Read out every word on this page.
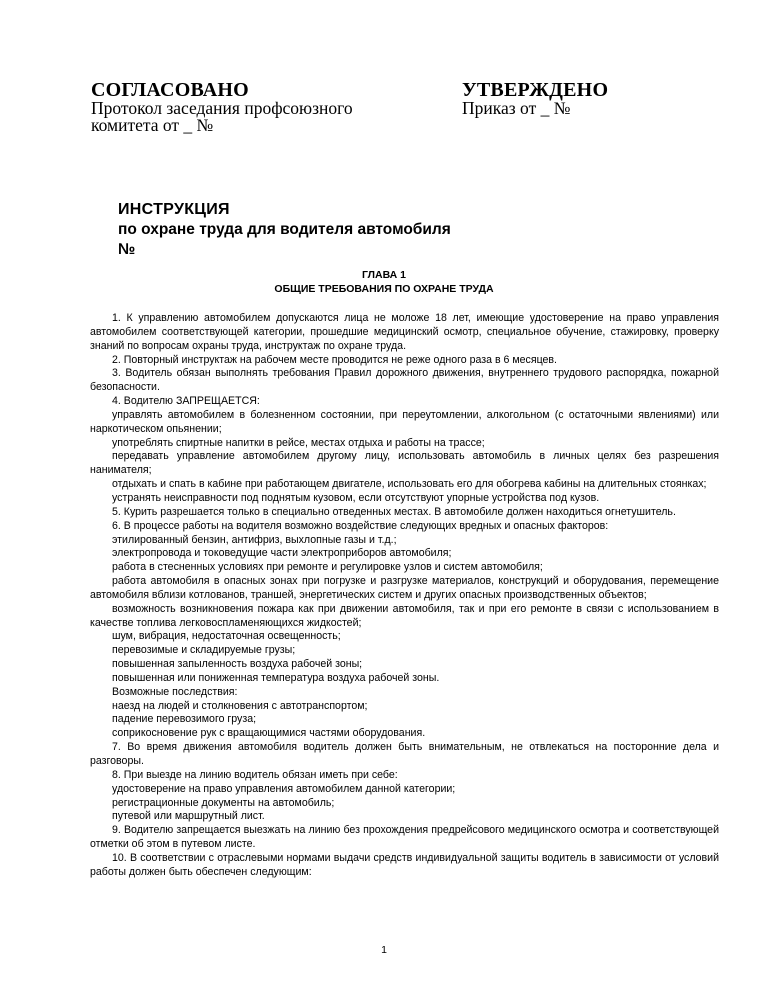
СОГЛАСОВАНО
Протокол заседания профсоюзного
комитета от _ №
УТВЕРЖДЕНО
Приказ от _ №
ИНСТРУКЦИЯ
по охране труда для водителя автомобиля
№
ГЛАВА 1
ОБЩИЕ ТРЕБОВАНИЯ ПО ОХРАНЕ ТРУДА

1. К управлению автомобилем допускаются лица не моложе 18 лет, имеющие удостоверение на право управления автомобилем соответствующей категории, прошедшие медицинский осмотр, специальное обучение, стажировку, проверку знаний по вопросам охраны труда, инструктаж по охране труда.

2. Повторный инструктаж на рабочем месте проводится не реже одного раза в 6 месяцев.

3. Водитель обязан выполнять требования Правил дорожного движения, внутреннего трудового распорядка, пожарной безопасности.

4. Водителю ЗАПРЕЩАЕТСЯ:

управлять автомобилем в болезненном состоянии, при переутомлении, алкогольном (с остаточными явлениями) или наркотическом опьянении;

употреблять спиртные напитки в рейсе, местах отдыха и работы на трассе;

передавать управление автомобилем другому лицу, использовать автомобиль в личных целях без разрешения нанимателя;

отдыхать и спать в кабине при работающем двигателе, использовать его для обогрева кабины на длительных стоянках;

устранять неисправности под поднятым кузовом, если отсутствуют упорные устройства под кузов.

5. Курить разрешается только в специально отведенных местах. В автомобиле должен находиться огнетушитель.

6. В процессе работы на водителя возможно воздействие следующих вредных и опасных факторов:

этилированный бензин, антифриз, выхлопные газы и т.д.;

электропровода и токоведущие части электроприборов автомобиля;

работа в стесненных условиях при ремонте и регулировке узлов и систем автомобиля;

работа автомобиля в опасных зонах при погрузке и разгрузке материалов, конструкций и оборудования, перемещение автомобиля вблизи котлованов, траншей, энергетических систем и других опасных производственных объектов;

возможность возникновения пожара как при движении автомобиля, так и при его ремонте в связи с использованием в качестве топлива легковоспламеняющихся жидкостей;

шум, вибрация, недостаточная освещенность;

перевозимые и складируемые грузы;

повышенная запыленность воздуха рабочей зоны;

повышенная или пониженная температура воздуха рабочей зоны.

Возможные последствия:

наезд на людей и столкновения с автотранспортом;

падение перевозимого груза;

соприкосновение рук с вращающимися частями оборудования.

7. Во время движения автомобиля водитель должен быть внимательным, не отвлекаться на посторонние дела и разговоры.

8. При выезде на линию водитель обязан иметь при себе:

удостоверение на право управления автомобилем данной категории;

регистрационные документы на автомобиль;

путевой или маршрутный лист.

9. Водителю запрещается выезжать на линию без прохождения предрейсового медицинского осмотра и соответствующей отметки об этом в путевом листе.

10. В соответствии с отраслевыми нормами выдачи средств индивидуальной защиты водитель в зависимости от условий работы должен быть обеспечен следующим:

1
